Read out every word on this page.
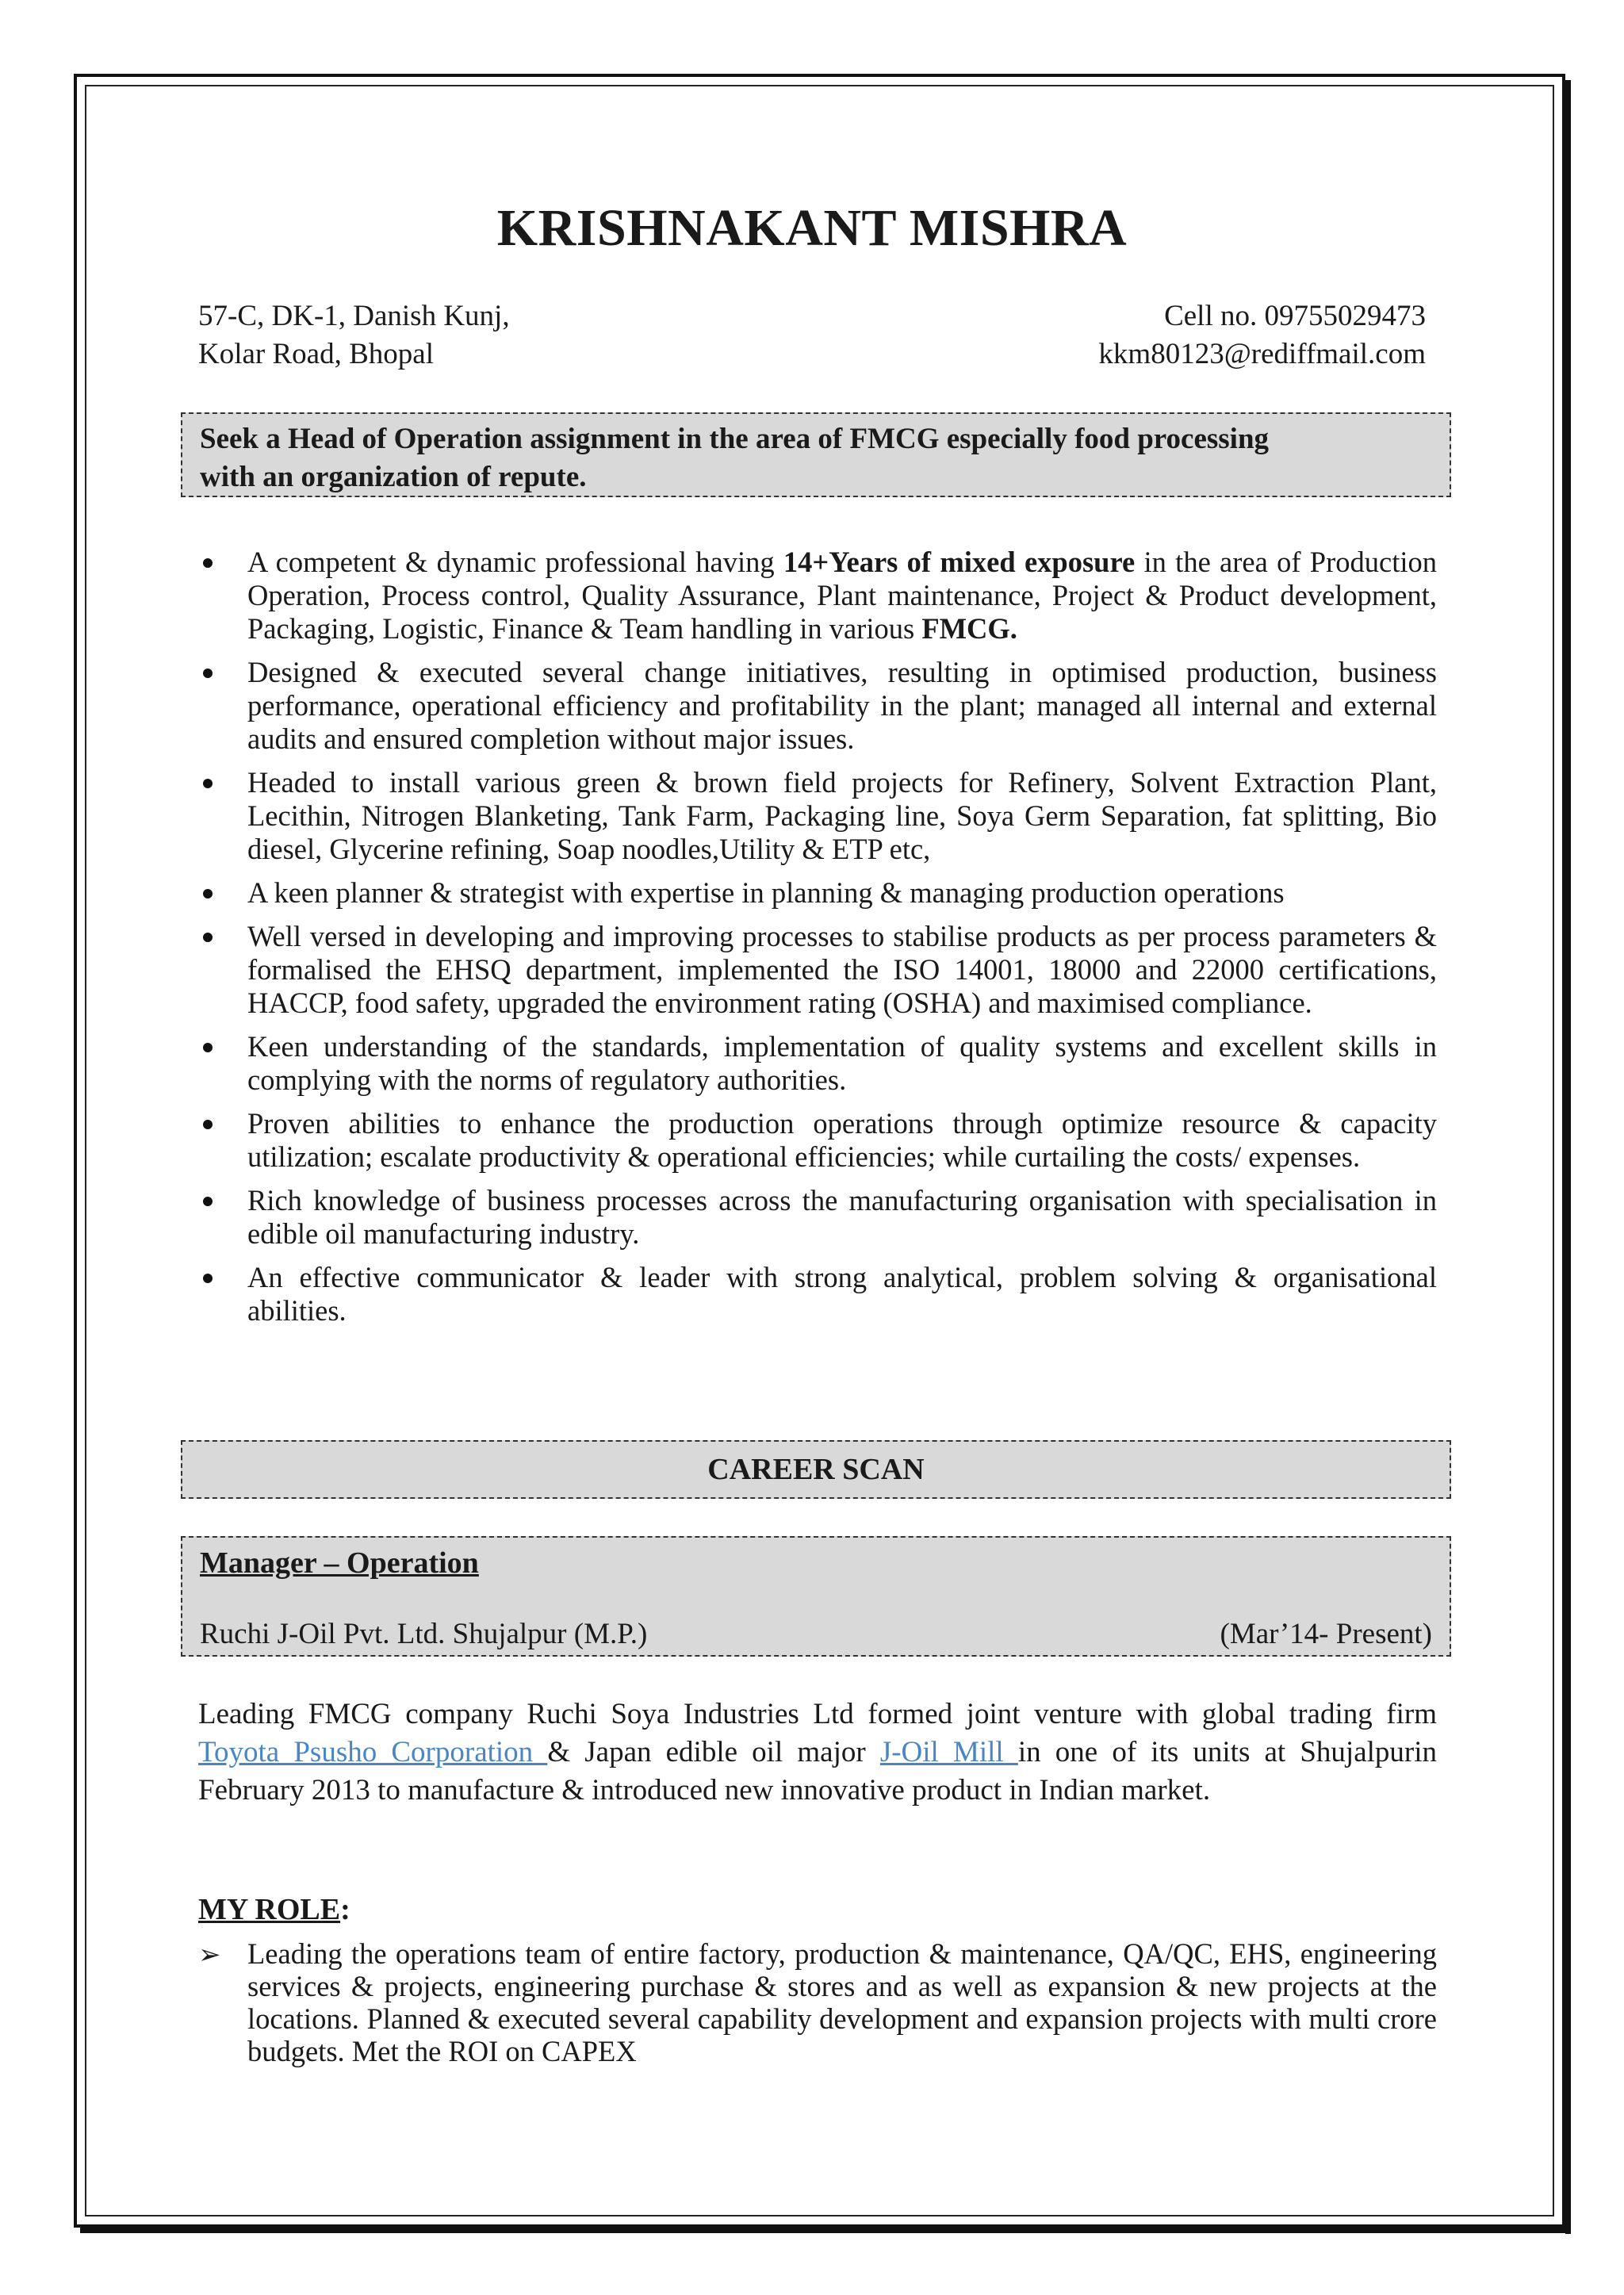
KRISHNAKANT MISHRA
57-C, DK-1, Danish Kunj,
Kolar Road, Bhopal
Cell no. 09755029473
kkm80123@rediffmail.com
Seek a Head of Operation assignment in the area of FMCG especially food processing
with an organization of repute.
A competent & dynamic professional having 14+Years of mixed exposure in the area of Production Operation, Process control, Quality Assurance, Plant maintenance, Project & Product development, Packaging, Logistic, Finance & Team handling in various FMCG.
Designed & executed several change initiatives, resulting in optimised production, business performance, operational efficiency and profitability in the plant; managed all internal and external audits and ensured completion without major issues.
Headed to install various green & brown field projects for Refinery, Solvent Extraction Plant, Lecithin, Nitrogen Blanketing, Tank Farm, Packaging line, Soya Germ Separation, fat splitting, Bio diesel, Glycerine refining, Soap noodles,Utility & ETP etc,
A keen planner & strategist with expertise in planning & managing production operations
Well versed in developing and improving processes to stabilise products as per process parameters & formalised the EHSQ department, implemented the ISO 14001, 18000 and 22000 certifications, HACCP, food safety, upgraded the environment rating (OSHA) and maximised compliance.
Keen understanding of the standards, implementation of quality systems and excellent skills in complying with the norms of regulatory authorities.
Proven abilities to enhance the production operations through optimize resource & capacity utilization; escalate productivity & operational efficiencies; while curtailing the costs/ expenses.
Rich knowledge of business processes across the manufacturing organisation with specialisation in edible oil manufacturing industry.
An effective communicator & leader with strong analytical, problem solving & organisational abilities.
CAREER SCAN
Manager – Operation
Ruchi J-Oil Pvt. Ltd. Shujalpur (M.P.)	(Mar’14- Present)
Leading FMCG company Ruchi Soya Industries Ltd formed joint venture with global trading firm Toyota Psusho Corporation & Japan edible oil major J-Oil Mill in one of its units at Shujalpurin February 2013 to manufacture & introduced new innovative product in Indian market.
MY ROLE:
➢ Leading the operations team of entire factory, production & maintenance, QA/QC, EHS, engineering services & projects, engineering purchase & stores and as well as expansion & new projects at the locations. Planned & executed several capability development and expansion projects with multi crore budgets. Met the ROI on CAPEX
